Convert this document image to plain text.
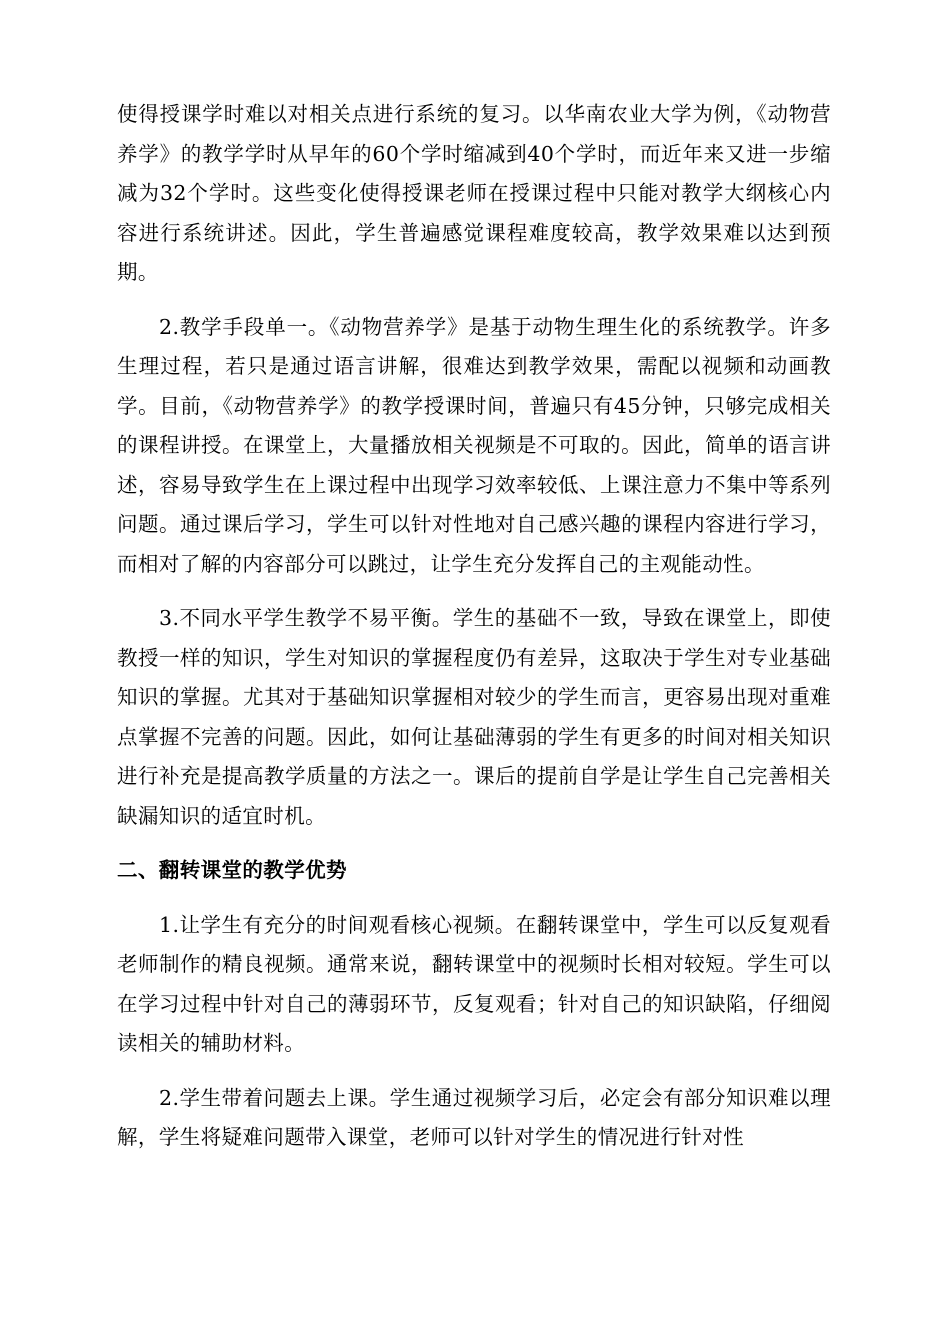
使得授课学时难以对相关点进行系统的复习。以华南农业大学为例，《动物营养学》的教学学时从早年的60个学时缩减到40个学时，而近年来又进一步缩减为32个学时。这些变化使得授课老师在授课过程中只能对教学大纲核心内容进行系统讲述。因此，学生普遍感觉课程难度较高，教学效果难以达到预期。

2.教学手段单一。《动物营养学》是基于动物生理生化的系统教学。许多生理过程，若只是通过语言讲解，很难达到教学效果，需配以视频和动画教学。目前，《动物营养学》的教学授课时间，普遍只有45分钟，只够完成相关的课程讲授。在课堂上，大量播放相关视频是不可取的。因此，简单的语言讲述，容易导致学生在上课过程中出现学习效率较低、上课注意力不集中等系列问题。通过课后学习，学生可以针对性地对自己感兴趣的课程内容进行学习，而相对了解的内容部分可以跳过，让学生充分发挥自己的主观能动性。

3.不同水平学生教学不易平衡。学生的基础不一致，导致在课堂上，即使教授一样的知识，学生对知识的掌握程度仍有差异，这取决于学生对专业基础知识的掌握。尤其对于基础知识掌握相对较少的学生而言，更容易出现对重难点掌握不完善的问题。因此，如何让基础薄弱的学生有更多的时间对相关知识进行补充是提高教学质量的方法之一。课后的提前自学是让学生自己完善相关缺漏知识的适宜时机。

二、翻转课堂的教学优势

1.让学生有充分的时间观看核心视频。在翻转课堂中，学生可以反复观看老师制作的精良视频。通常来说，翻转课堂中的视频时长相对较短。学生可以在学习过程中针对自己的薄弱环节，反复观看；针对自己的知识缺陷，仔细阅读相关的辅助材料。

2.学生带着问题去上课。学生通过视频学习后，必定会有部分知识难以理解，学生将疑难问题带入课堂，老师可以针对学生的情况进行针对性
